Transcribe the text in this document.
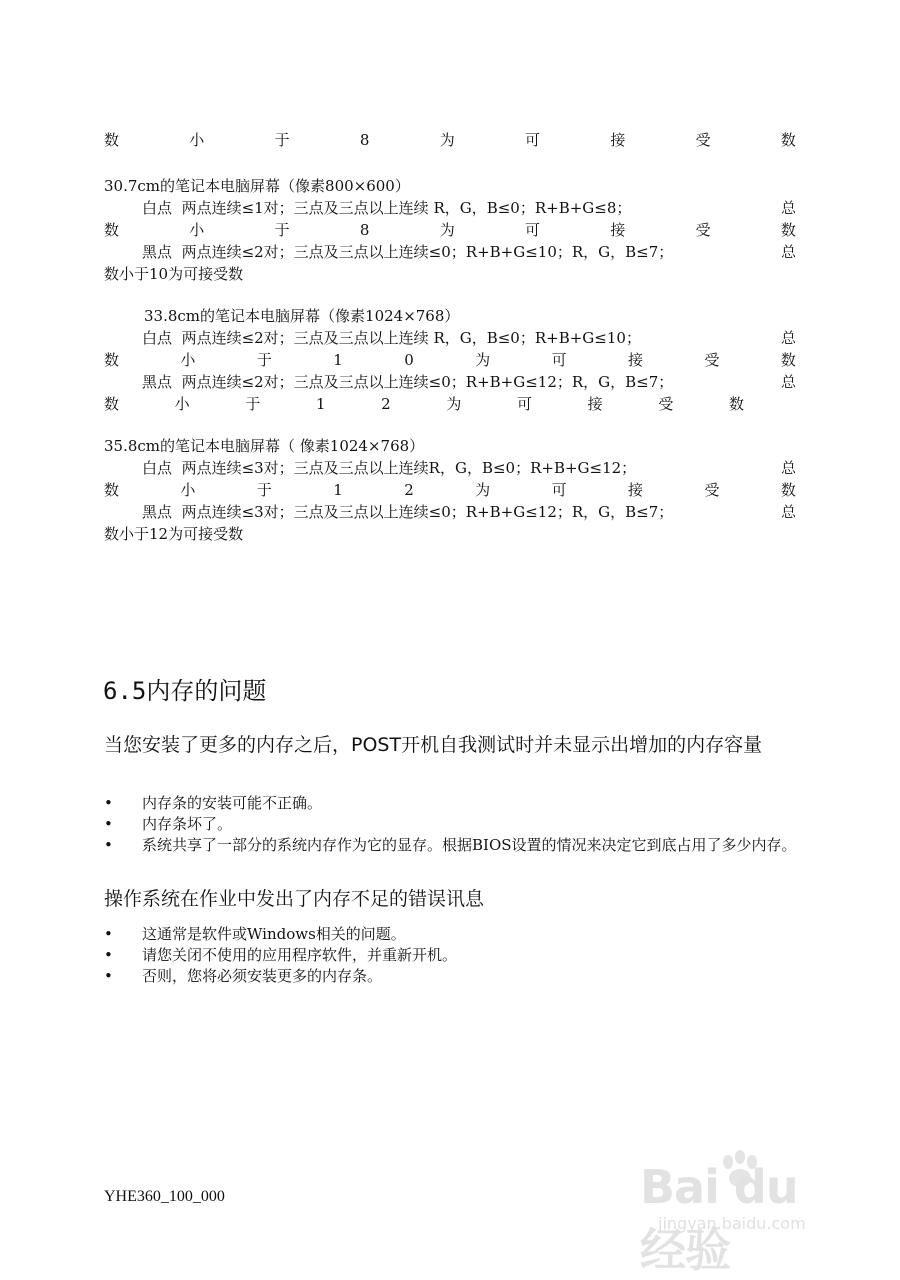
数	小	于	8	为	可	接	受	数
30.7cm的笔记本电脑屏幕（像素800×600）
白点 两点连续≤1对；三点及三点以上连续 R，G，B≤0；R+B+G≤8；	总
数	小	于	8	为	可	接	受	数
黑点 两点连续≤2对；三点及三点以上连续≤0；R+B+G≤10；R，G，B≤7；	总
数小于10为可接受数
33.8cm的笔记本电脑屏幕（像素1024×768）
白点 两点连续≤2对；三点及三点以上连续 R，G，B≤0；R+B+G≤10；	总
数	小	于	1	0	为	可	接	受	数
黑点 两点连续≤2对；三点及三点以上连续≤0；R+B+G≤12；R，G，B≤7；	总
数	小	于	1	2	为	可	接	受	数
35.8cm的笔记本电脑屏幕（ 像素1024×768）
白点 两点连续≤3对；三点及三点以上连续R，G，B≤0；R+B+G≤12；	总
数	小	于	1	2	为	可	接	受	数
黑点 两点连续≤3对；三点及三点以上连续≤0；R+B+G≤12；R，G，B≤7；	总
数小于12为可接受数
6.5内存的问题
当您安装了更多的内存之后，POST开机自我测试时并未显示出增加的内存容量
•	内存条的安装可能不正确。
•	内存条坏了。
•	系统共享了一部分的系统内存作为它的显存。根据BIOS设置的情况来决定它到底占用了多少内存。
操作系统在作业中发出了内存不足的错误讯息
•	这通常是软件或Windows相关的问题。
•	请您关闭不使用的应用程序软件，并重新开机。
•	否则，您将必须安装更多的内存条。
YHE360_100_000	Bai du 经验
jingyan.baidu.com
